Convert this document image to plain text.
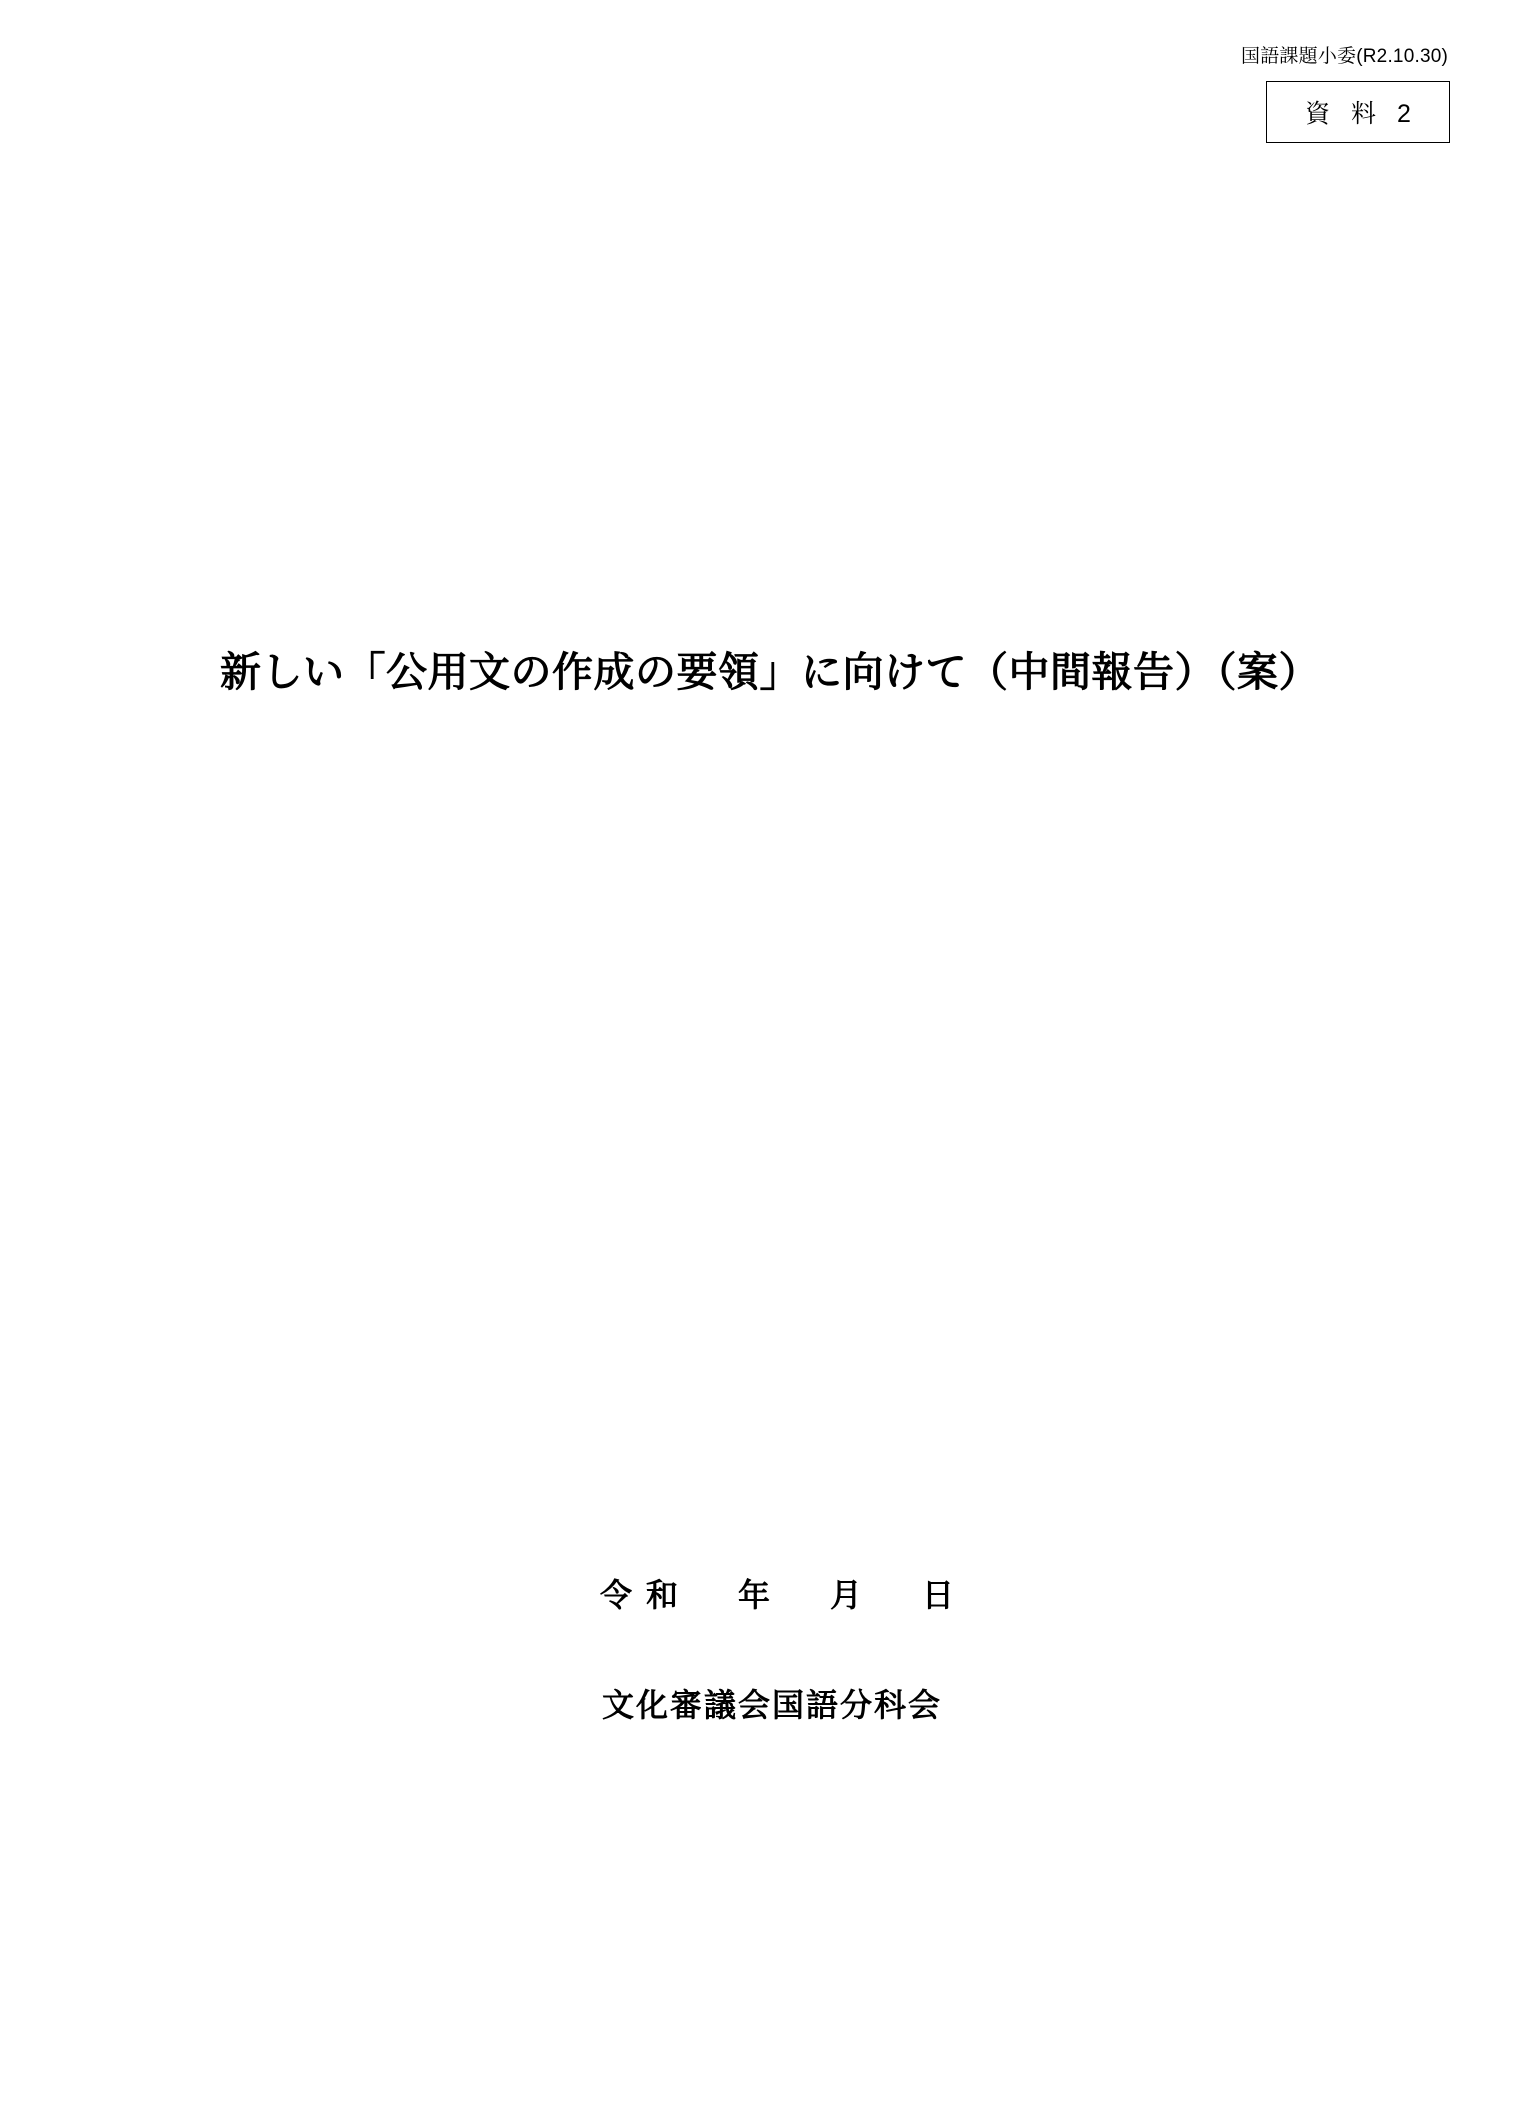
国語課題小委(R2.10.30)
資 料 2
新しい「公用文の作成の要領」に向けて（中間報告）（案）
令和　年　月　日
文化審議会国語分科会
